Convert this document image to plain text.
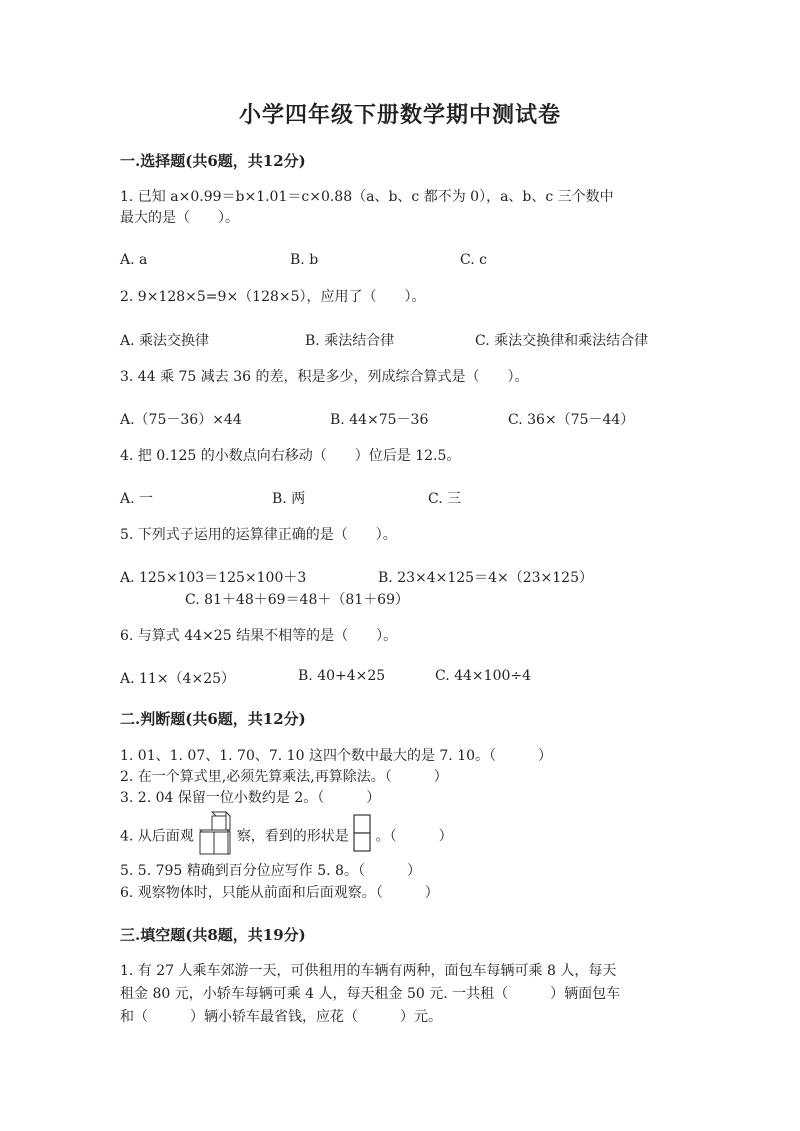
小学四年级下册数学期中测试卷
一.选择题(共6题，共12分)
1. 已知 a×0.99＝b×1.01＝c×0.88（a、b、c 都不为 0），a、b、c 三个数中
最大的是（　　）。
A. a	B. b	C. c
2. 9×128×5=9×（128×5），应用了（　　）。
A. 乘法交换律	B. 乘法结合律	C. 乘法交换律和乘法结合律
3. 44 乘 75 减去 36 的差，积是多少，列成综合算式是（　　）。
A.（75－36）×44	B. 44×75－36	C. 36×（75－44）
4. 把 0.125 的小数点向右移动（　　）位后是 12.5。
A. 一	B. 两	C. 三
5. 下列式子运用的运算律正确的是（　　）。
A. 125×103＝125×100＋3	B. 23×4×125＝4×（23×125）
C. 81＋48＋69＝48＋（81＋69）
6. 与算式 44×25 结果不相等的是（　　）。
A. 11×（4×25）	B. 40+4×25	C. 44×100÷4
二.判断题(共6题，共12分)
1. 01、1. 07、1. 70、7. 10 这四个数中最大的是 7. 10。（　　　）
2. 在一个算式里,必须先算乘法,再算除法。（　　　）
3. 2. 04 保留一位小数约是 2。（　　　）
4. 从后面观	察，看到的形状是 。（　　　）
5. 5. 795 精确到百分位应写作 5. 8。（　　　）
6. 观察物体时，只能从前面和后面观察。（　　　）
三.填空题(共8题，共19分)
1. 有 27 人乘车郊游一天，可供租用的车辆有两种，面包车每辆可乘 8 人，每天
租金 80 元，小轿车每辆可乘 4 人，每天租金 50 元. 一共租（　　　）辆面包车
和（　　　）辆小轿车最省钱，应花（　　　）元。
